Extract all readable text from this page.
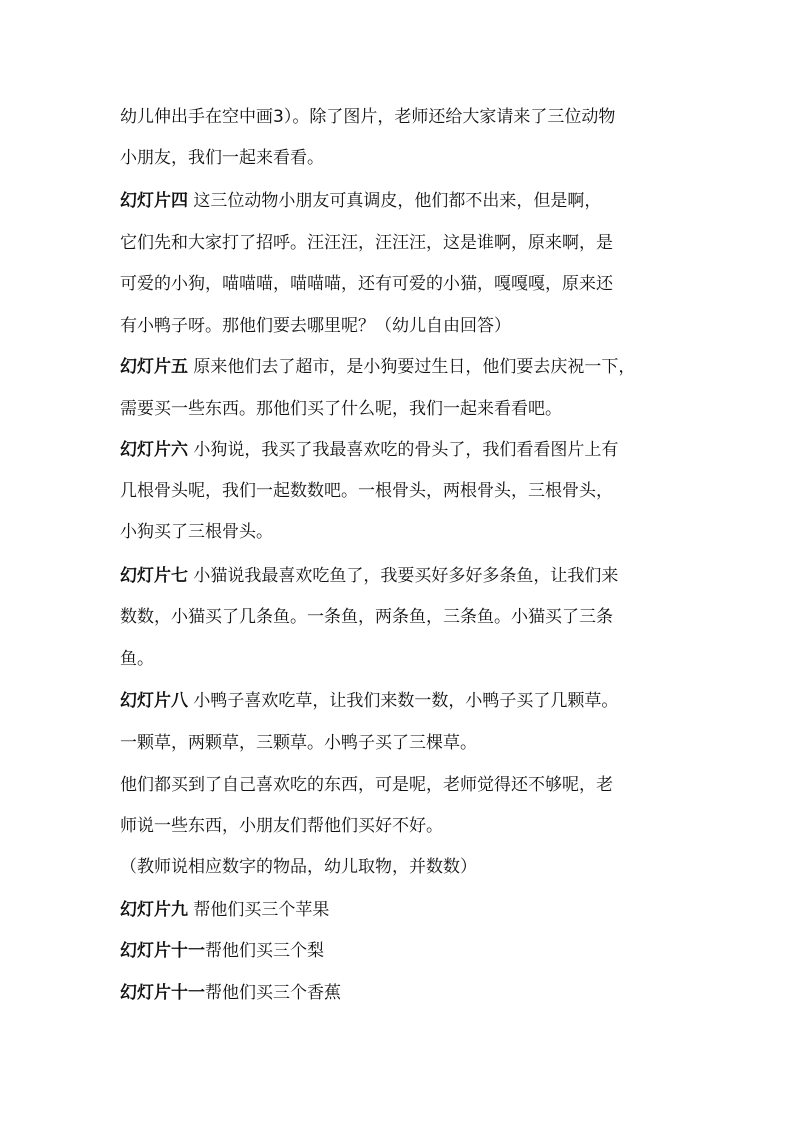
幼儿伸出手在空中画3）。除了图片，老师还给大家请来了三位动物
小朋友，我们一起来看看。
幻灯片四 这三位动物小朋友可真调皮，他们都不出来，但是啊，
它们先和大家打了招呼。汪汪汪，汪汪汪，这是谁啊，原来啊，是
可爱的小狗，喵喵喵，喵喵喵，还有可爱的小猫，嘎嘎嘎，原来还
有小鸭子呀。那他们要去哪里呢？（幼儿自由回答）
幻灯片五 原来他们去了超市，是小狗要过生日，他们要去庆祝一下，
需要买一些东西。那他们买了什么呢，我们一起来看看吧。
幻灯片六 小狗说，我买了我最喜欢吃的骨头了，我们看看图片上有
几根骨头呢，我们一起数数吧。一根骨头，两根骨头，三根骨头，
小狗买了三根骨头。
幻灯片七 小猫说我最喜欢吃鱼了，我要买好多好多条鱼，让我们来
数数，小猫买了几条鱼。一条鱼，两条鱼，三条鱼。小猫买了三条
鱼。
幻灯片八 小鸭子喜欢吃草，让我们来数一数，小鸭子买了几颗草。
一颗草，两颗草，三颗草。小鸭子买了三棵草。
他们都买到了自己喜欢吃的东西，可是呢，老师觉得还不够呢，老
师说一些东西，小朋友们帮他们买好不好。
（教师说相应数字的物品，幼儿取物，并数数）
幻灯片九 帮他们买三个苹果
幻灯片十一帮他们买三个梨
幻灯片十一帮他们买三个香蕉
